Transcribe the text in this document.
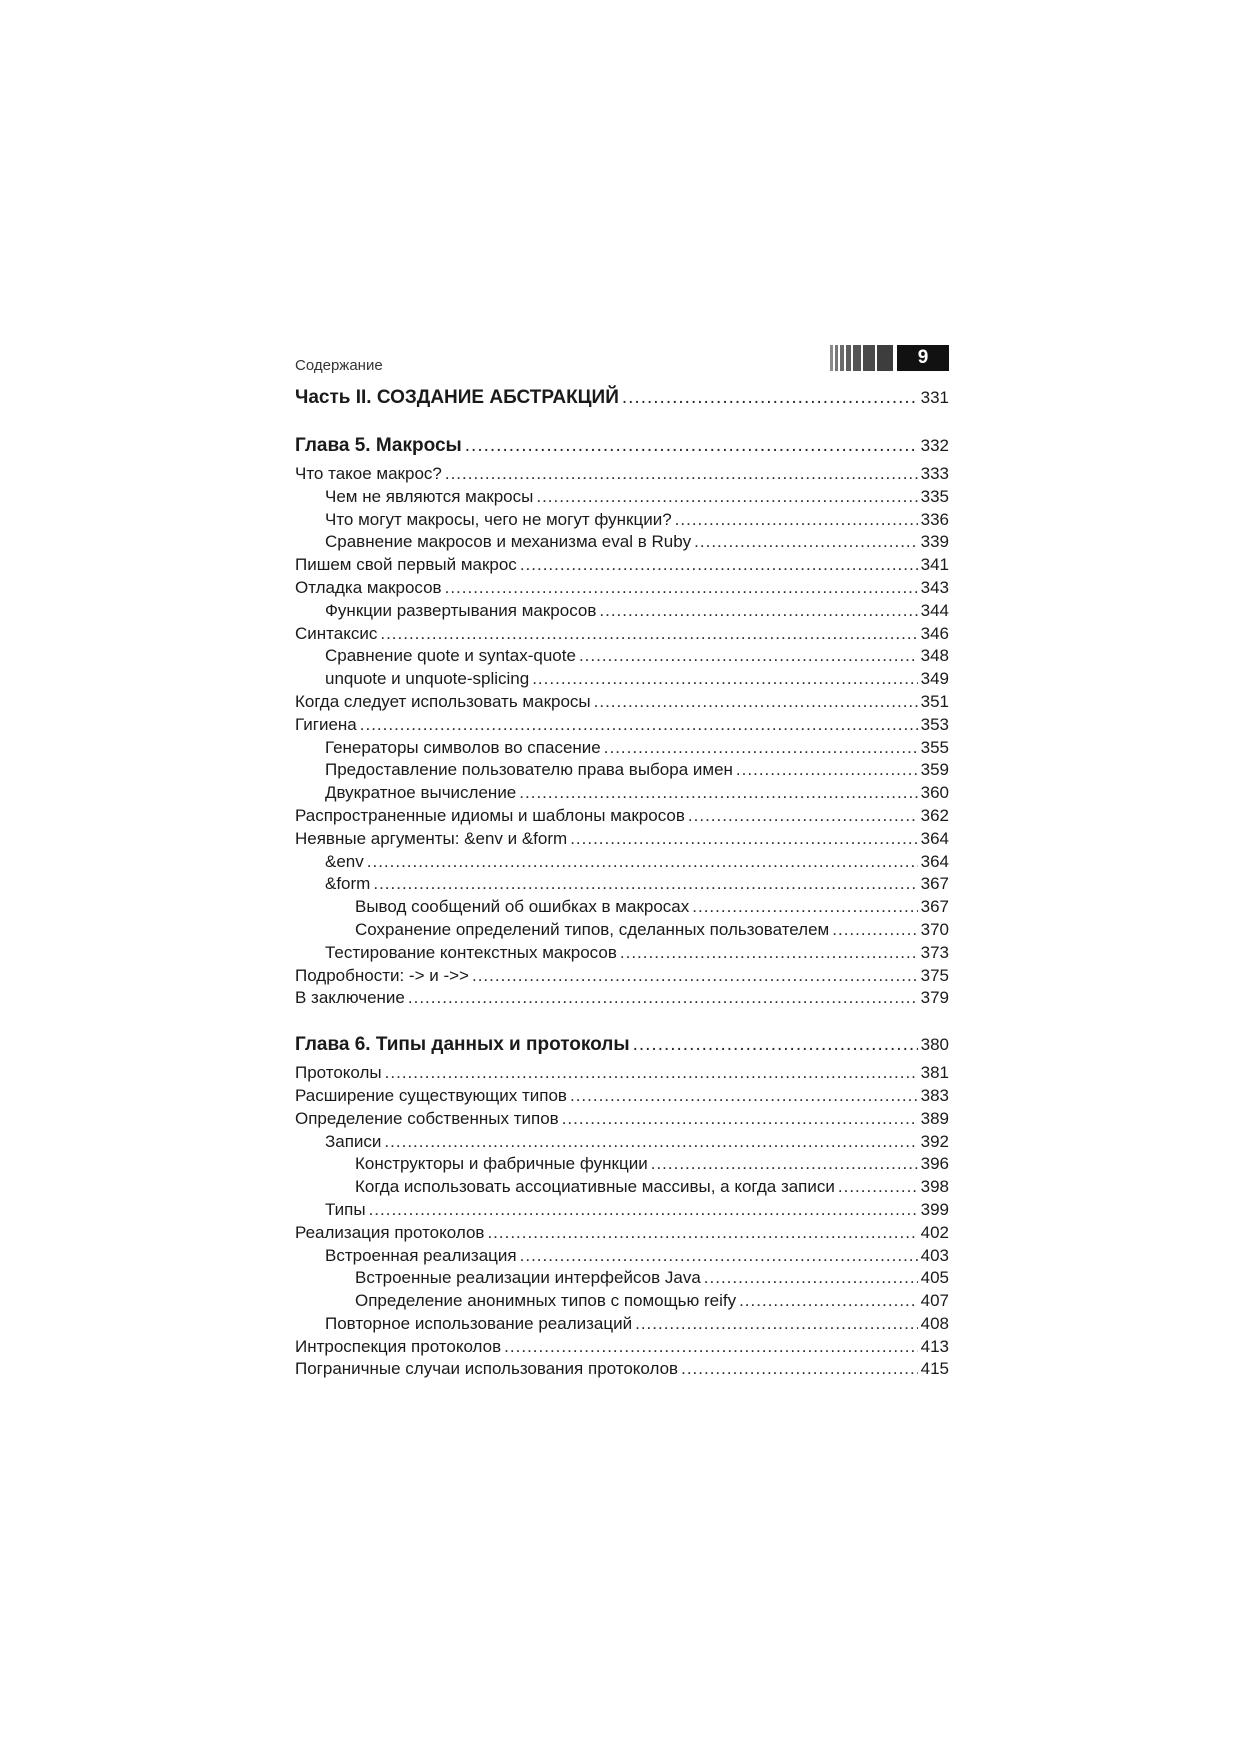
Содержание	9
Часть II. СОЗДАНИЕ АБСТРАКЦИЙ .....	331
Глава 5. Макросы .....	332
Что такое макрос? .....	333
Чем не являются макросы .....	335
Что могут макросы, чего не могут функции? .....	336
Сравнение макросов и механизма eval в Ruby .....	339
Пишем свой первый макрос .....	341
Отладка макросов .....	343
Функции развертывания макросов .....	344
Синтаксис .....	346
Сравнение quote и syntax-quote .....	348
unquote и unquote-splicing .....	349
Когда следует использовать макросы .....	351
Гигиена .....	353
Генераторы символов во спасение .....	355
Предоставление пользователю права выбора имен .....	359
Двукратное вычисление .....	360
Распространенные идиомы и шаблоны макросов .....	362
Неявные аргументы: &env и &form .....	364
&env .....	364
&form .....	367
Вывод сообщений об ошибках в макросах .....	367
Сохранение определений типов, сделанных пользователем .....	370
Тестирование контекстных макросов .....	373
Подробности: -> и ->> .....	375
В заключение .....	379
Глава 6. Типы данных и протоколы .....	380
Протоколы .....	381
Расширение существующих типов .....	383
Определение собственных типов .....	389
Записи .....	392
Конструкторы и фабричные функции .....	396
Когда использовать ассоциативные массивы, а когда записи .....	398
Типы .....	399
Реализация протоколов .....	402
Встроенная реализация .....	403
Встроенные реализации интерфейсов Java .....	405
Определение анонимных типов с помощью reify .....	407
Повторное использование реализаций .....	408
Интроспекция протоколов .....	413
Пограничные случаи использования протоколов .....	415
